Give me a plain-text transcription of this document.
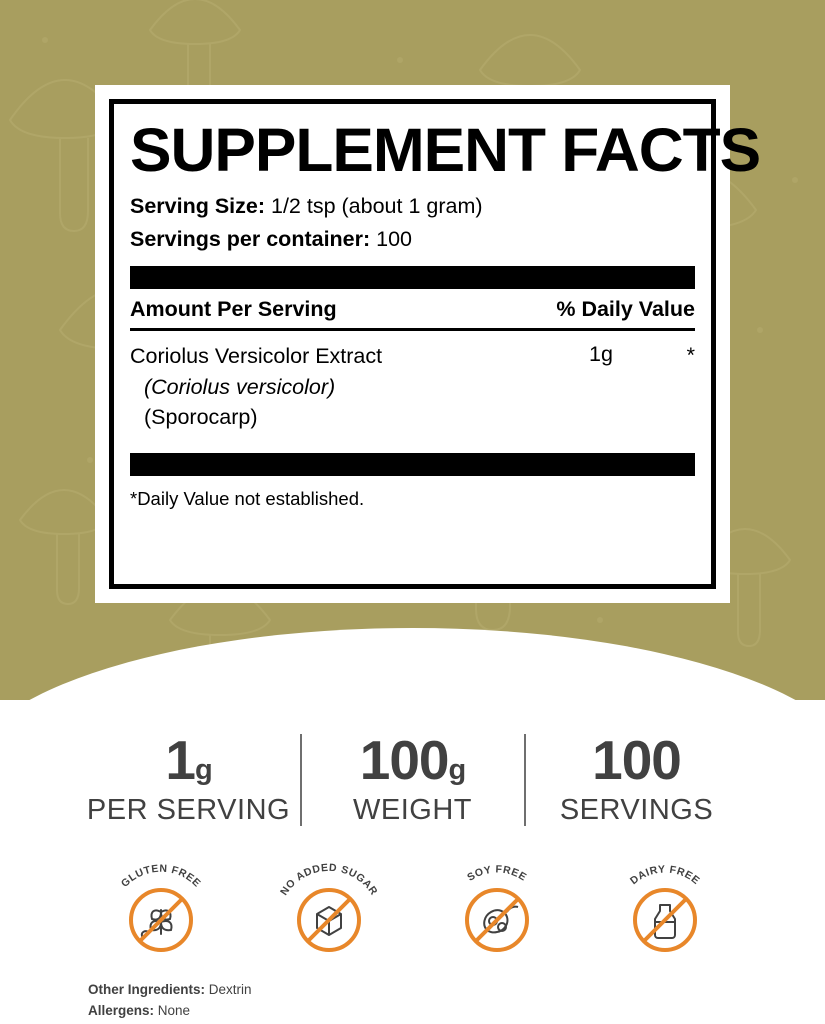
SUPPLEMENT FACTS
Serving Size: 1/2 tsp (about 1 gram)
Servings per container: 100
Amount Per Serving	% Daily Value
Coriolus Versicolor Extract
(Coriolus versicolor)
(Sporocarp)
1g	*
*Daily Value not established.
1g
PER SERVING
100g
WEIGHT
100
SERVINGS
GLUTEN FREE
NO ADDED SUGAR
SOY FREE	DAIRY FREE
Other Ingredients: Dextrin
Allergens: None
